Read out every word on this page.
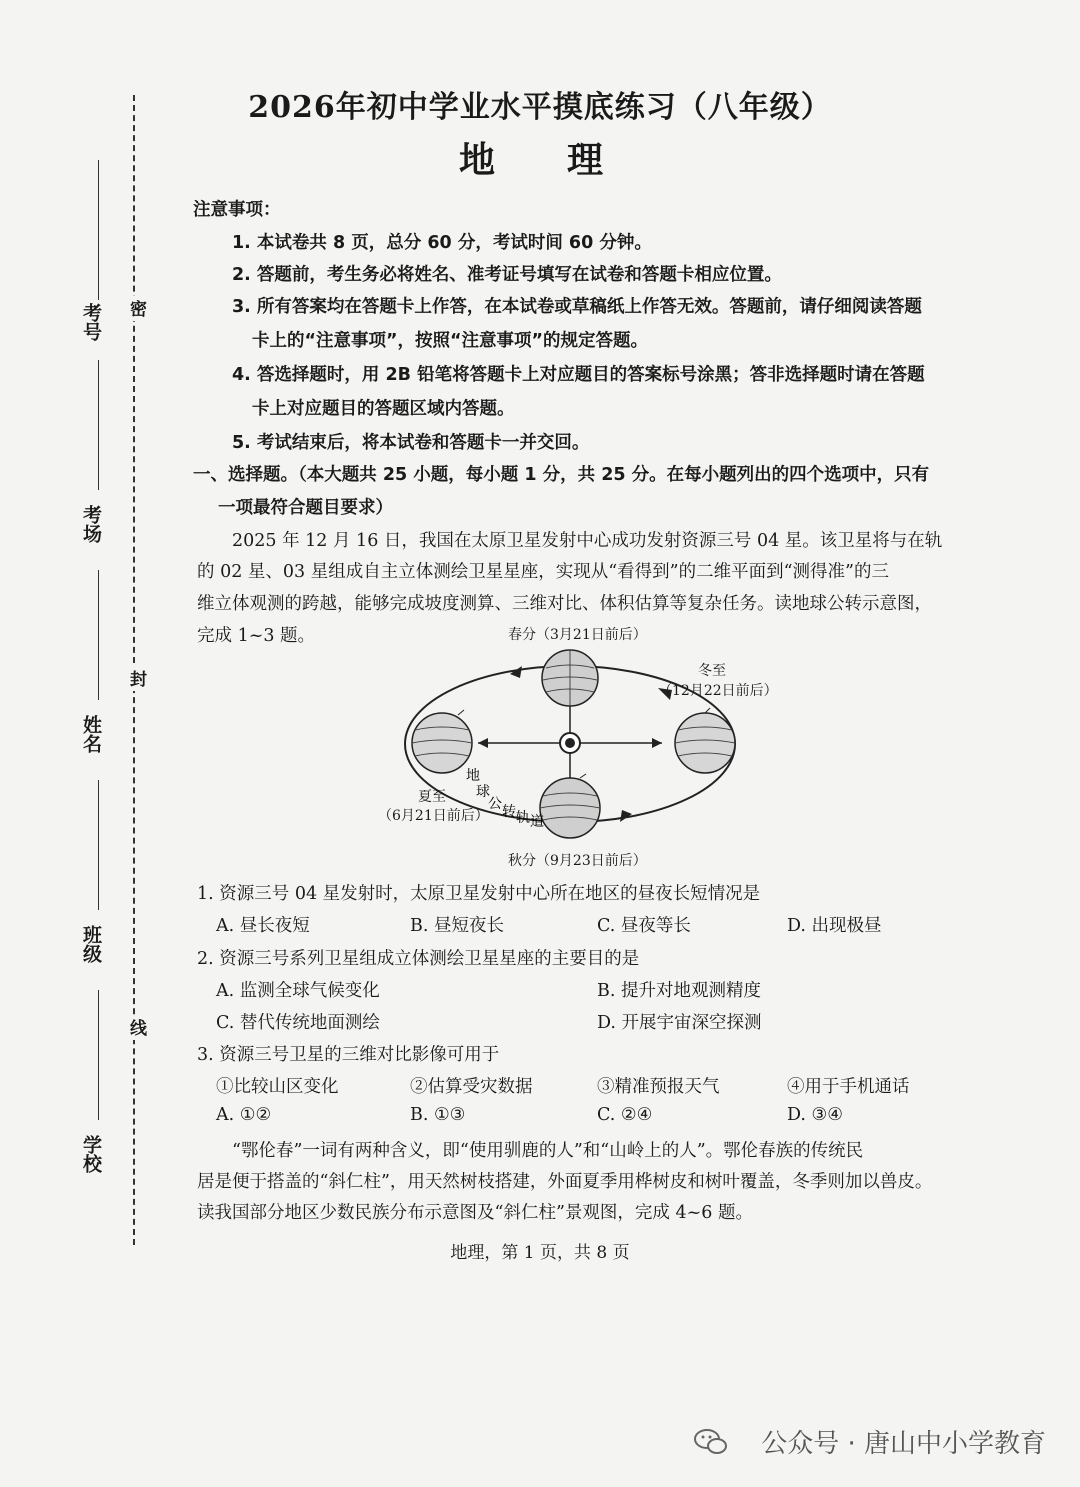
2026年初中学业水平摸底练习（八年级）
地　理
考号
考场
姓名
班级
学校
密
封
线
注意事项：
1. 本试卷共 8 页，总分 60 分，考试时间 60 分钟。
2. 答题前，考生务必将姓名、准考证号填写在试卷和答题卡相应位置。
3. 所有答案均在答题卡上作答，在本试卷或草稿纸上作答无效。答题前，请仔细阅读答题
卡上的“注意事项”，按照“注意事项”的规定答题。
4. 答选择题时，用 2B 铅笔将答题卡上对应题目的答案标号涂黑；答非选择题时请在答题
卡上对应题目的答题区域内答题。
5. 考试结束后，将本试卷和答题卡一并交回。
一、选择题。（本大题共 25 小题，每小题 1 分，共 25 分。在每小题列出的四个选项中，只有
一项最符合题目要求）
2025 年 12 月 16 日，我国在太原卫星发射中心成功发射资源三号 04 星。该卫星将与在轨
的 02 星、03 星组成自主立体测绘卫星星座，实现从“看得到”的二维平面到“测得准”的三
维立体观测的跨越，能够完成坡度测算、三维对比、体积估算等复杂任务。读地球公转示意图，
完成 1~3 题。
地
球
公 转 轨 道
春分（3月21日前后）
冬至
（12月22日前后）
夏至
（6月21日前后）
秋分（9月23日前后）
1. 资源三号 04 星发射时，太原卫星发射中心所在地区的昼夜长短情况是
A. 昼长夜短	B. 昼短夜长	C. 昼夜等长	D. 出现极昼
2. 资源三号系列卫星组成立体测绘卫星星座的主要目的是
A. 监测全球气候变化	B. 提升对地观测精度
C. 替代传统地面测绘	D. 开展宇宙深空探测
3. 资源三号卫星的三维对比影像可用于
①比较山区变化	②估算受灾数据	③精准预报天气	④用于手机通话
A. ①②	B. ①③	C. ②④	D. ③④
“鄂伦春”一词有两种含义，即“使用驯鹿的人”和“山岭上的人”。鄂伦春族的传统民
居是便于搭盖的“斜仁柱”，用天然树枝搭建，外面夏季用桦树皮和树叶覆盖，冬季则加以兽皮。
读我国部分地区少数民族分布示意图及“斜仁柱”景观图，完成 4~6 题。
地理，第 1 页，共 8 页
公众号 · 唐山中小学教育
